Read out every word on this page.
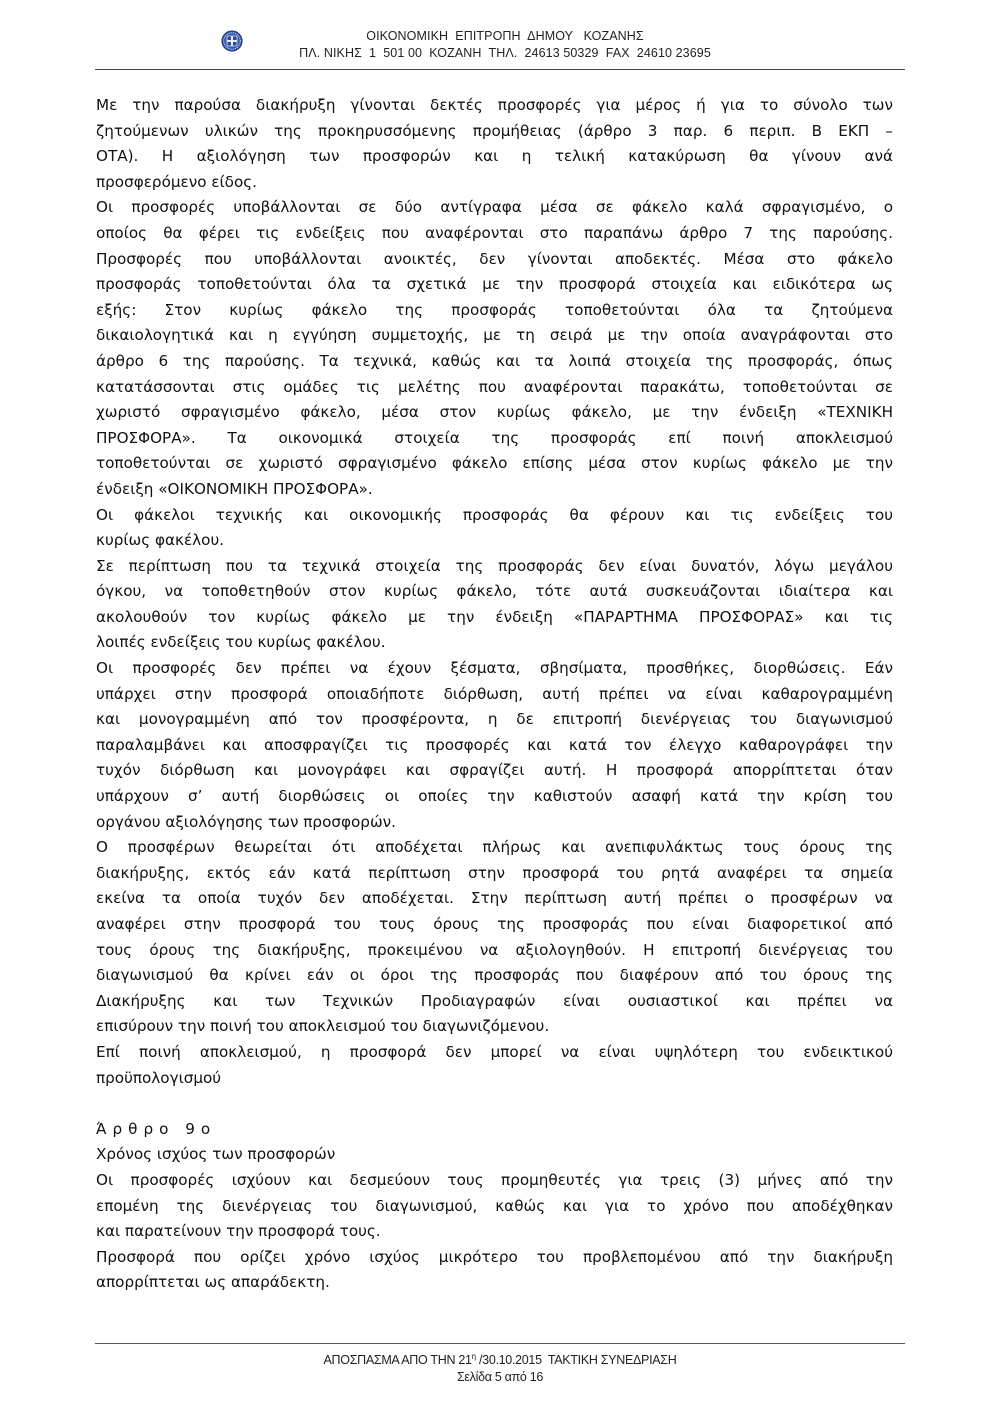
ΟΙΚΟΝΟΜΙΚΗ  ΕΠΙΤΡΟΠΗ  ΔΗΜΟΥ   ΚΟΖΑΝΗΣ
ΠΛ. ΝΙΚΗΣ  1  501 00  ΚΟΖΑΝΗ  ΤΗΛ.  24613 50329  FAX  24610 23695
Με την παρούσα διακήρυξη γίνονται δεκτές προσφορές για μέρος ή για το σύνολο των
ζητούμενων υλικών της προκηρυσσόμενης προμήθειας (άρθρο 3 παρ. 6 περιπ. Β ΕΚΠ –
ΟΤΑ). Η αξιολόγηση των προσφορών και η τελική κατακύρωση θα γίνουν ανά
προσφερόμενο είδος.
Οι προσφορές υποβάλλονται σε δύο αντίγραφα μέσα σε φάκελο καλά σφραγισμένο, ο
οποίος θα φέρει τις ενδείξεις που αναφέρονται στο παραπάνω άρθρο 7 της παρούσης.
Προσφορές που υποβάλλονται ανοικτές, δεν γίνονται αποδεκτές. Μέσα στο φάκελο
προσφοράς τοποθετούνται όλα τα σχετικά με την προσφορά στοιχεία και ειδικότερα ως
εξής: Στον κυρίως φάκελο της προσφοράς τοποθετούνται όλα τα ζητούμενα
δικαιολογητικά και η εγγύηση συμμετοχής, με τη σειρά με την οποία αναγράφονται στο
άρθρο 6 της παρούσης. Τα τεχνικά, καθώς και τα λοιπά στοιχεία της προσφοράς, όπως
κατατάσσονται στις ομάδες τις μελέτης που αναφέρονται παρακάτω, τοποθετούνται σε
χωριστό σφραγισμένο φάκελο, μέσα στον κυρίως φάκελο, με την ένδειξη «ΤΕΧΝΙΚΗ
ΠΡΟΣΦΟΡΑ». Τα οικονομικά στοιχεία της προσφοράς επί ποινή αποκλεισμού
τοποθετούνται σε χωριστό σφραγισμένο φάκελο επίσης μέσα στον κυρίως φάκελο με την
ένδειξη «ΟΙΚΟΝΟΜΙΚΗ ΠΡΟΣΦΟΡΑ».
Οι φάκελοι τεχνικής και οικονομικής προσφοράς θα φέρουν και τις ενδείξεις του
κυρίως φακέλου.
Σε περίπτωση που τα τεχνικά στοιχεία της προσφοράς δεν είναι δυνατόν, λόγω μεγάλου
όγκου, να τοποθετηθούν στον κυρίως φάκελο, τότε αυτά συσκευάζονται ιδιαίτερα και
ακολουθούν τον κυρίως φάκελο με την ένδειξη «ΠΑΡΑΡΤΗΜΑ ΠΡΟΣΦΟΡΑΣ» και τις
λοιπές ενδείξεις του κυρίως φακέλου.
Οι προσφορές δεν πρέπει να έχουν ξέσματα, σβησίματα, προσθήκες, διορθώσεις. Εάν
υπάρχει στην προσφορά οποιαδήποτε διόρθωση, αυτή πρέπει να είναι καθαρογραμμένη
και μονογραμμένη από τον προσφέροντα, η δε επιτροπή διενέργειας του διαγωνισμού
παραλαμβάνει και αποσφραγίζει τις προσφορές και κατά τον έλεγχο καθαρογράφει την
τυχόν διόρθωση και μονογράφει και σφραγίζει αυτή. Η προσφορά απορρίπτεται όταν
υπάρχουν σ’ αυτή διορθώσεις οι οποίες την καθιστούν ασαφή κατά την κρίση του
οργάνου αξιολόγησης των προσφορών.
Ο προσφέρων θεωρείται ότι αποδέχεται πλήρως και ανεπιφυλάκτως τους όρους της
διακήρυξης, εκτός εάν κατά περίπτωση στην προσφορά του ρητά αναφέρει τα σημεία
εκείνα τα οποία τυχόν δεν αποδέχεται. Στην περίπτωση αυτή πρέπει ο προσφέρων να
αναφέρει στην προσφορά του τους όρους της προσφοράς που είναι διαφορετικοί από
τους όρους της διακήρυξης, προκειμένου να αξιολογηθούν. Η επιτροπή διενέργειας του
διαγωνισμού θα κρίνει εάν οι όροι της προσφοράς που διαφέρουν από του όρους της
Διακήρυξης και των Τεχνικών Προδιαγραφών είναι ουσιαστικοί και πρέπει να
επισύρουν την ποινή του αποκλεισμού του διαγωνιζόμενου.
Επί ποινή αποκλεισμού, η προσφορά δεν μπορεί να είναι υψηλότερη του ενδεικτικού
προϋπολογισμού
Άρθρο 9ο
Χρόνος ισχύος των προσφορών
Οι προσφορές ισχύουν και δεσμεύουν τους προμηθευτές για τρεις (3) μήνες από την
επομένη της διενέργειας του διαγωνισμού, καθώς και για το χρόνο που αποδέχθηκαν
και παρατείνουν την προσφορά τους.
Προσφορά που ορίζει χρόνο ισχύος μικρότερο του προβλεπομένου από την διακήρυξη
απορρίπτεται ως απαράδεκτη.
ΑΠΟΣΠΑΣΜΑ ΑΠΟ ΤΗΝ $21^\eta$ /30.10.2015  ΤΑΚΤΙΚΗ ΣΥΝΕΔΡΙΑΣΗ
Σελίδα 5 από 16
